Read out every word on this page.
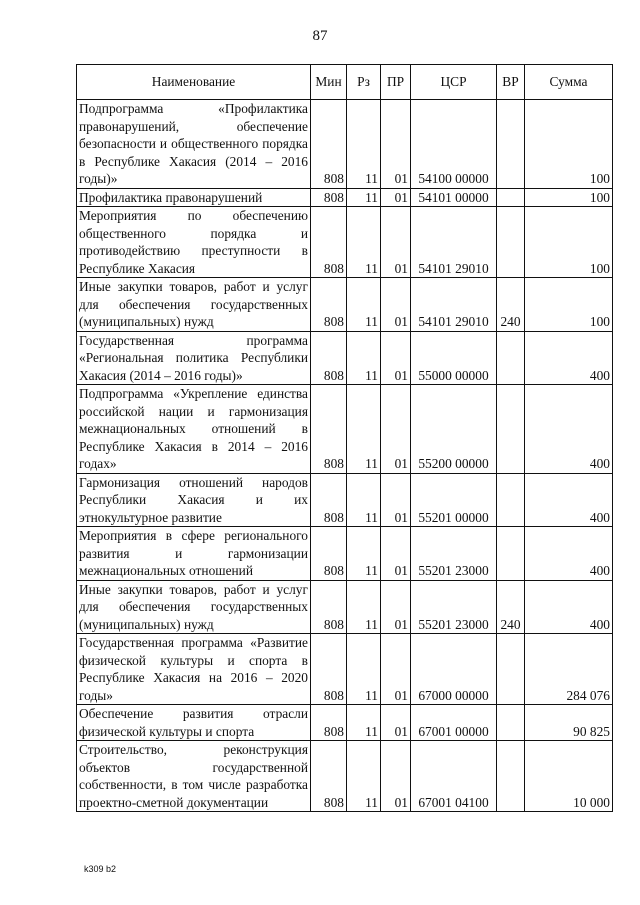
87
Наименование	Мин	Рз	ПР	ЦСР	ВР	Сумма
Подпрограмма «Профилактика правонарушений, обеспечение безопасности и общественного порядка в Республике Хакасия (2014 – 2016 годы)»	808	11	01	54100 00000		100
Профилактика правонарушений	808	11	01	54101 00000		100
Мероприятия по обеспечению общественного порядка и противодействию преступности в Республике Хакасия	808	11	01	54101 29010		100
Иные закупки товаров, работ и услуг для обеспечения государственных (муниципальных) нужд	808	11	01	54101 29010	240	100
Государственная программа «Региональная политика Республики Хакасия (2014 – 2016 годы)»	808	11	01	55000 00000		400
Подпрограмма «Укрепление единства российской нации и гармонизация межнациональных отношений в Республике Хакасия в 2014 – 2016 годах»	808	11	01	55200 00000		400
Гармонизация отношений народов Республики Хакасия и их этнокультурное развитие	808	11	01	55201 00000		400
Мероприятия в сфере регионального развития и гармонизации межнациональных отношений	808	11	01	55201 23000		400
Иные закупки товаров, работ и услуг для обеспечения государственных (муниципальных) нужд	808	11	01	55201 23000	240	400
Государственная программа «Развитие физической культуры и спорта в Республике Хакасия на 2016 – 2020 годы»	808	11	01	67000 00000		284 076
Обеспечение развития отрасли физической культуры и спорта	808	11	01	67001 00000		90 825
Строительство, реконструкция объектов государственной собственности, в том числе разработка проектно-сметной документации	808	11	01	67001 04100		10 000
k309 b2
